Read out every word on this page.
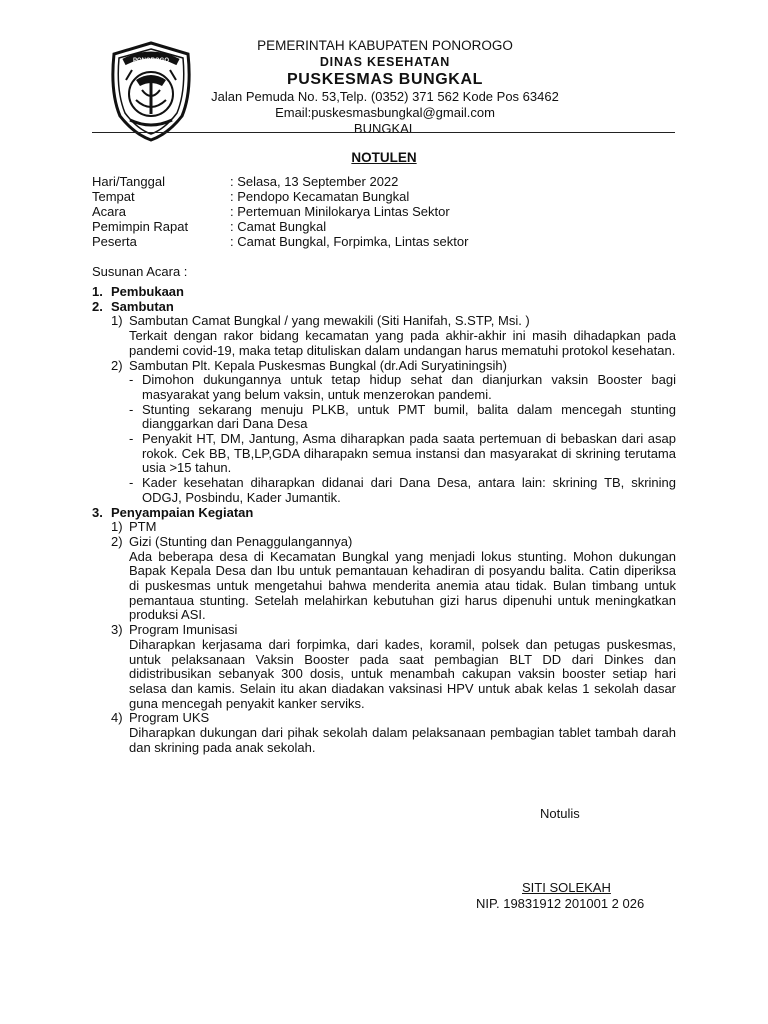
PONOROGO
PEMERINTAH KABUPATEN PONOROGO
DINAS KESEHATAN
PUSKESMAS BUNGKAL
Jalan Pemuda No. 53,Telp. (0352) 371 562 Kode Pos 63462
Email:puskesmasbungkal@gmail.com
BUNGKAL
NOTULEN
Hari/Tanggal	: Selasa, 13 September 2022
Tempat	: Pendopo Kecamatan Bungkal
Acara	: Pertemuan Minilokarya Lintas Sektor
Pemimpin Rapat	: Camat Bungkal
Peserta	: Camat Bungkal, Forpimka, Lintas sektor
Susunan Acara :
1. Pembukaan
2. Sambutan
1) Sambutan Camat Bungkal / yang mewakili (Siti Hanifah, S.STP, Msi. )
Terkait dengan rakor bidang kecamatan yang pada akhir-akhir ini masih dihadapkan pada pandemi covid-19, maka tetap dituliskan dalam undangan harus mematuhi protokol kesehatan.
2) Sambutan Plt. Kepala Puskesmas Bungkal (dr.Adi Suryatiningsih)
- Dimohon dukungannya untuk tetap hidup sehat dan dianjurkan vaksin Booster bagi masyarakat yang belum vaksin, untuk menzerokan pandemi.
- Stunting sekarang menuju PLKB, untuk PMT bumil, balita dalam mencegah stunting dianggarkan dari Dana Desa
- Penyakit HT, DM, Jantung, Asma diharapkan pada saata pertemuan di bebaskan dari asap rokok. Cek BB, TB,LP,GDA diharapakn semua instansi dan masyarakat di skrining terutama usia >15 tahun.
- Kader kesehatan diharapkan didanai dari Dana Desa, antara lain: skrining TB, skrining ODGJ, Posbindu, Kader Jumantik.
3. Penyampaian Kegiatan
1) PTM
2) Gizi (Stunting dan Penaggulangannya)
Ada beberapa desa di Kecamatan Bungkal yang menjadi lokus stunting. Mohon dukungan Bapak Kepala Desa dan Ibu untuk pemantauan kehadiran di posyandu balita. Catin diperiksa di puskesmas untuk mengetahui bahwa menderita anemia atau tidak. Bulan timbang untuk pemantaua stunting. Setelah melahirkan kebutuhan gizi harus dipenuhi untuk meningkatkan produksi ASI.
3) Program Imunisasi
Diharapkan kerjasama dari forpimka, dari kades, koramil, polsek dan petugas puskesmas, untuk pelaksanaan Vaksin Booster pada saat pembagian BLT DD dari Dinkes dan didistribusikan sebanyak 300 dosis, untuk menambah cakupan vaksin booster setiap hari selasa dan kamis. Selain itu akan diadakan vaksinasi HPV untuk abak kelas 1 sekolah dasar guna mencegah penyakit kanker serviks.
4) Program UKS
Diharapkan dukungan dari pihak sekolah dalam pelaksanaan pembagian tablet tambah darah dan skrining pada anak sekolah.
Notulis
SITI SOLEKAH
NIP. 19831912 201001 2 026
